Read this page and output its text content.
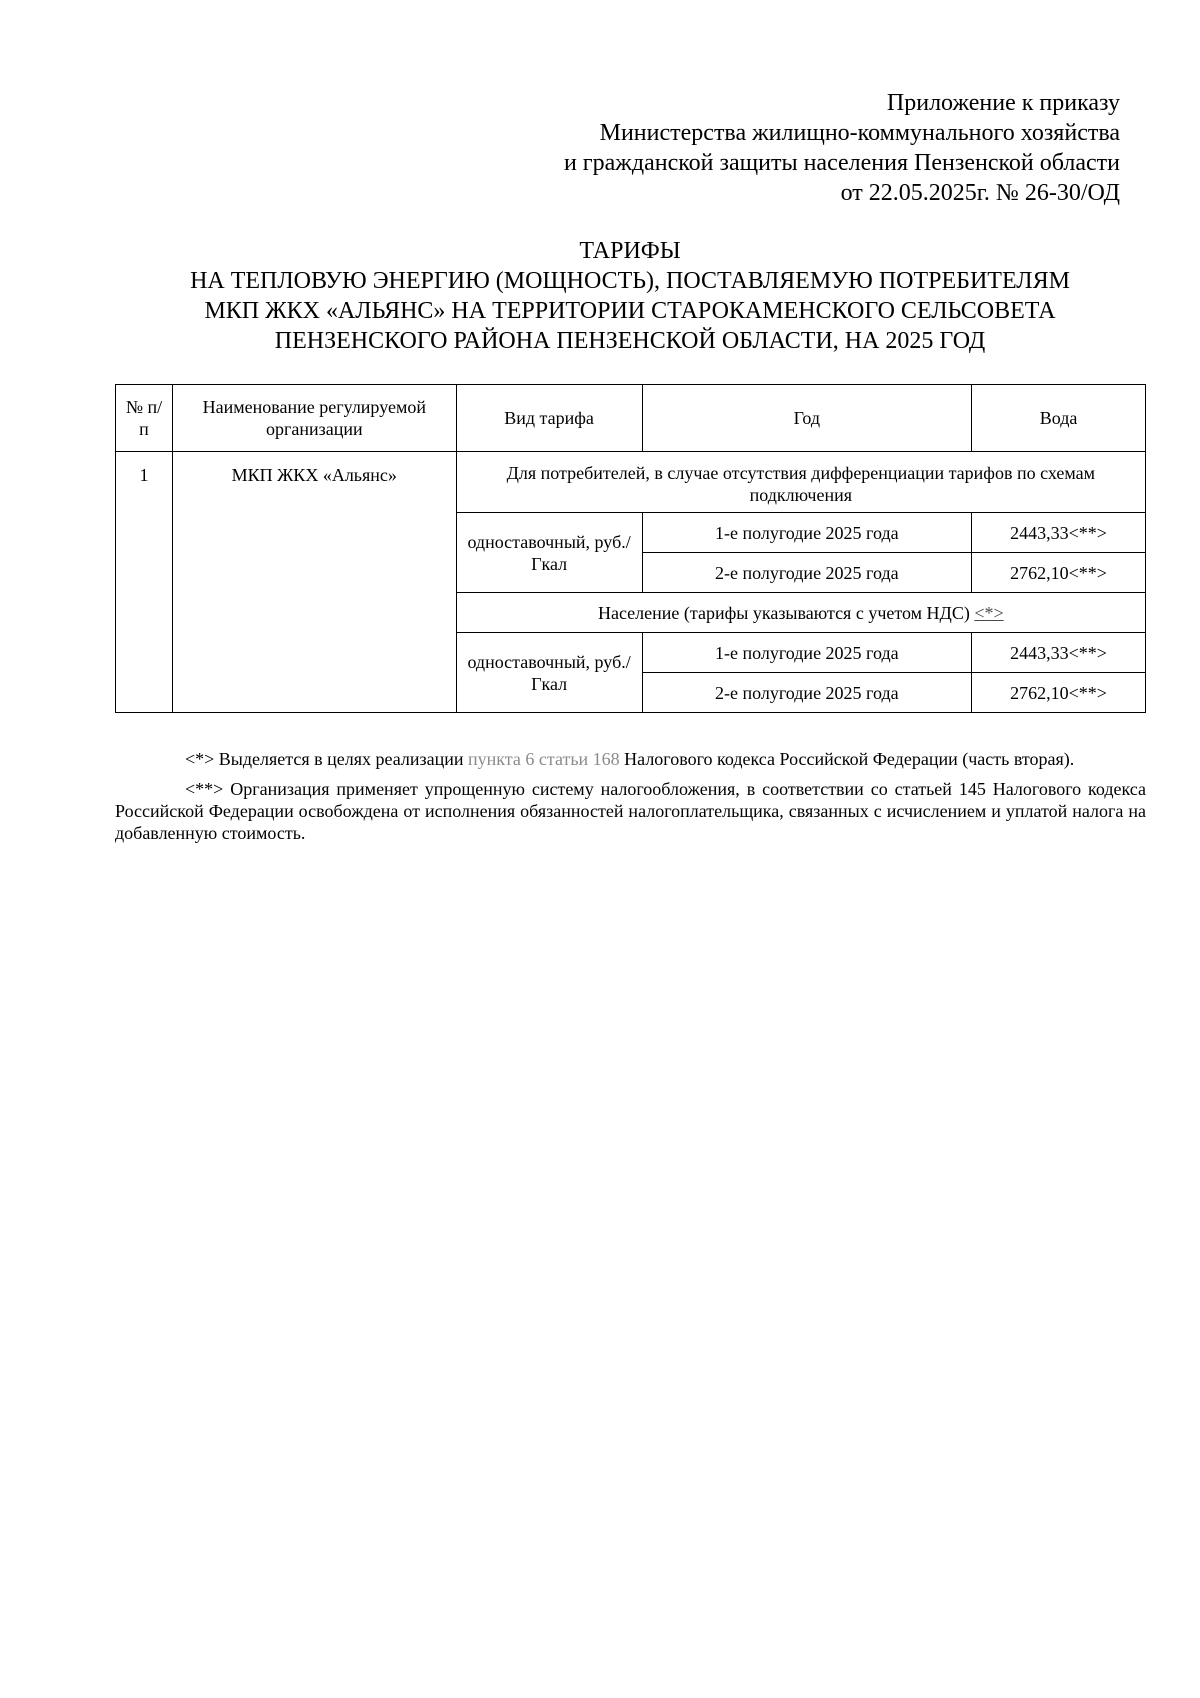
Приложение к приказу
Министерства жилищно-коммунального хозяйства
и гражданской защиты населения Пензенской области
от 22.05.2025г. № 26-30/ОД
ТАРИФЫ
НА ТЕПЛОВУЮ ЭНЕРГИЮ (МОЩНОСТЬ), ПОСТАВЛЯЕМУЮ ПОТРЕБИТЕЛЯМ
МКП ЖКХ «АЛЬЯНС» НА ТЕРРИТОРИИ СТАРОКАМЕНСКОГО СЕЛЬСОВЕТА
ПЕНЗЕНСКОГО РАЙОНА ПЕНЗЕНСКОЙ ОБЛАСТИ, НА 2025 ГОД
№ п/п	Наименование регулируемой организации	Вид тарифа	Год	Вода
1	МКП ЖКХ «Альянс»	Для потребителей, в случае отсутствия дифференциации тарифов по схемам подключения		
		одноставочный, руб./Гкал	1-е полугодие 2025 года	2443,33<**>
			2-е полугодие 2025 года	2762,10<**>
		Население (тарифы указываются с учетом НДС) <*>		
		одноставочный, руб./Гкал	1-е полугодие 2025 года	2443,33<**>
			2-е полугодие 2025 года	2762,10<**>

<*> Выделяется в целях реализации пункта 6 статьи 168 Налогового кодекса Российской Федерации (часть вторая).

<**> Организация применяет упрощенную систему налогообложения, в соответствии со статьей 145 Налогового кодекса Российской Федерации освобождена от исполнения обязанностей налогоплательщика, связанных с исчислением и уплатой налога на добавленную стоимость.
